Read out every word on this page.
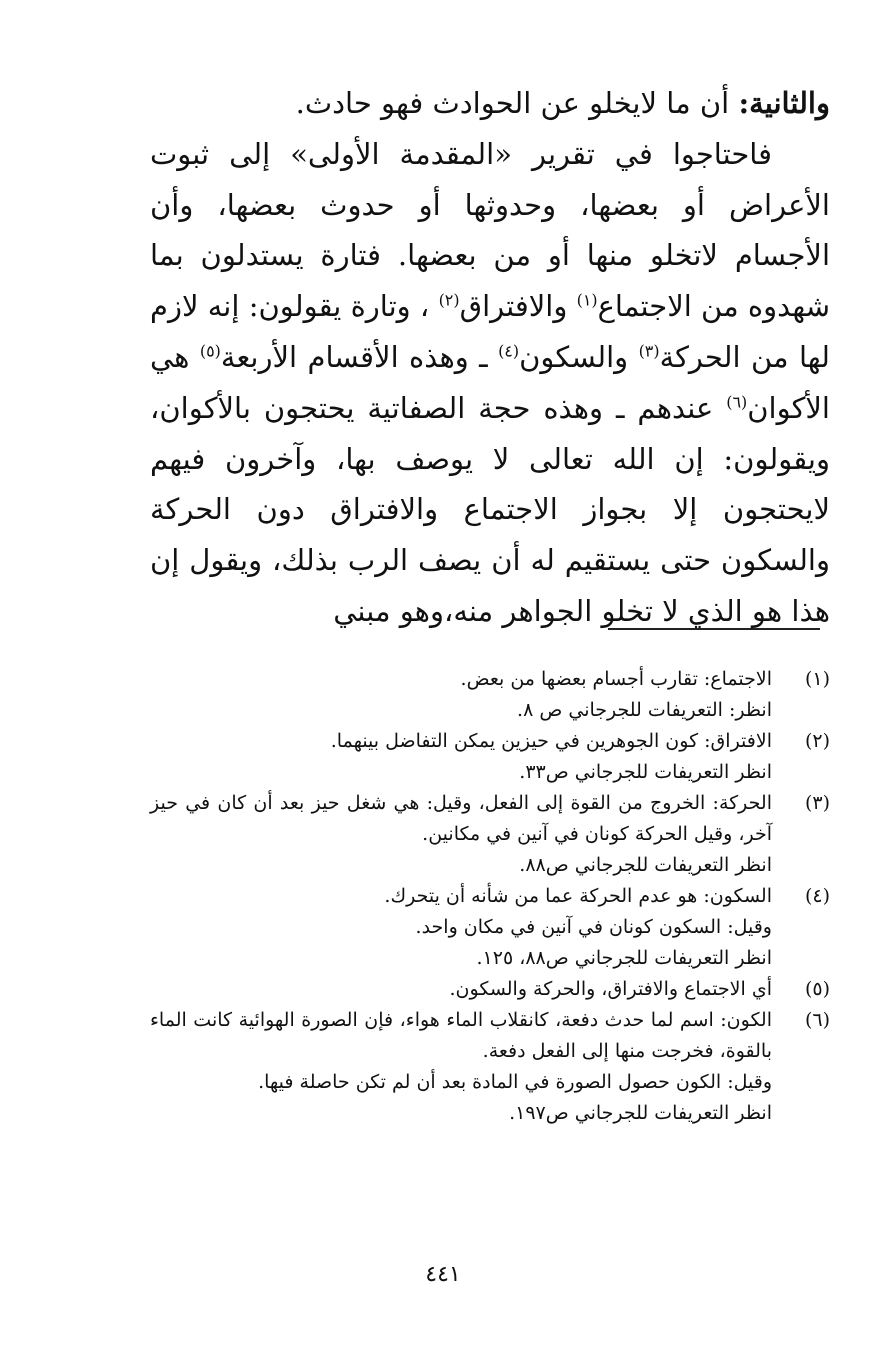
والثانية: أن ما لايخلو عن الحوادث فهو حادث.

فاحتاجوا في تقرير «المقدمة الأولى» إلى ثبوت الأعراض أو بعضها، وحدوثها أو حدوث بعضها، وأن الأجسام لاتخلو منها أو من بعضها. فتارة يستدلون بما شهدوه من الاجتماع$^{(١)}$ والافتراق$^{(٢)}$ ، وتارة يقولون: إنه لازم لها من الحركة$^{(٣)}$ والسكون$^{(٤)}$ ـ وهذه الأقسام الأربعة$^{(٥)}$ هي الأكوان$^{(٦)}$ عندهم ـ وهذه حجة الصفاتية يحتجون بالأكوان، ويقولون: إن الله تعالى لا يوصف بها، وآخرون فيهم لايحتجون إلا بجواز الاجتماع والافتراق دون الحركة والسكون حتى يستقيم له أن يصف الرب بذلك، ويقول إن هذا هو الذي لا تخلو الجواهر منه،وهو مبني

(١)
الاجتماع: تقارب أجسام بعضها من بعض.
انظر: التعريفات للجرجاني ص ٨.
(٢)
الافتراق: كون الجوهرين في حيزين يمكن التفاضل بينهما.
انظر التعريفات للجرجاني ص٣٣.
(٣)
الحركة: الخروج من القوة إلى الفعل، وقيل: هي شغل حيز بعد أن كان في حيز آخر، وقيل الحركة كونان في آنين في مكانين.
انظر التعريفات للجرجاني ص٨٨.
(٤)
السكون: هو عدم الحركة عما من شأنه أن يتحرك.
وقيل: السكون كونان في آنين في مكان واحد.
انظر التعريفات للجرجاني ص٨٨، ١٢٥.
(٥)
أي الاجتماع والافتراق، والحركة والسكون.
(٦)
الكون: اسم لما حدث دفعة، كانقلاب الماء هواء، فإن الصورة الهوائية كانت الماء بالقوة، فخرجت منها إلى الفعل دفعة.
وقيل: الكون حصول الصورة في المادة بعد أن لم تكن حاصلة فيها.
انظر التعريفات للجرجاني ص١٩٧.
٤٤١
